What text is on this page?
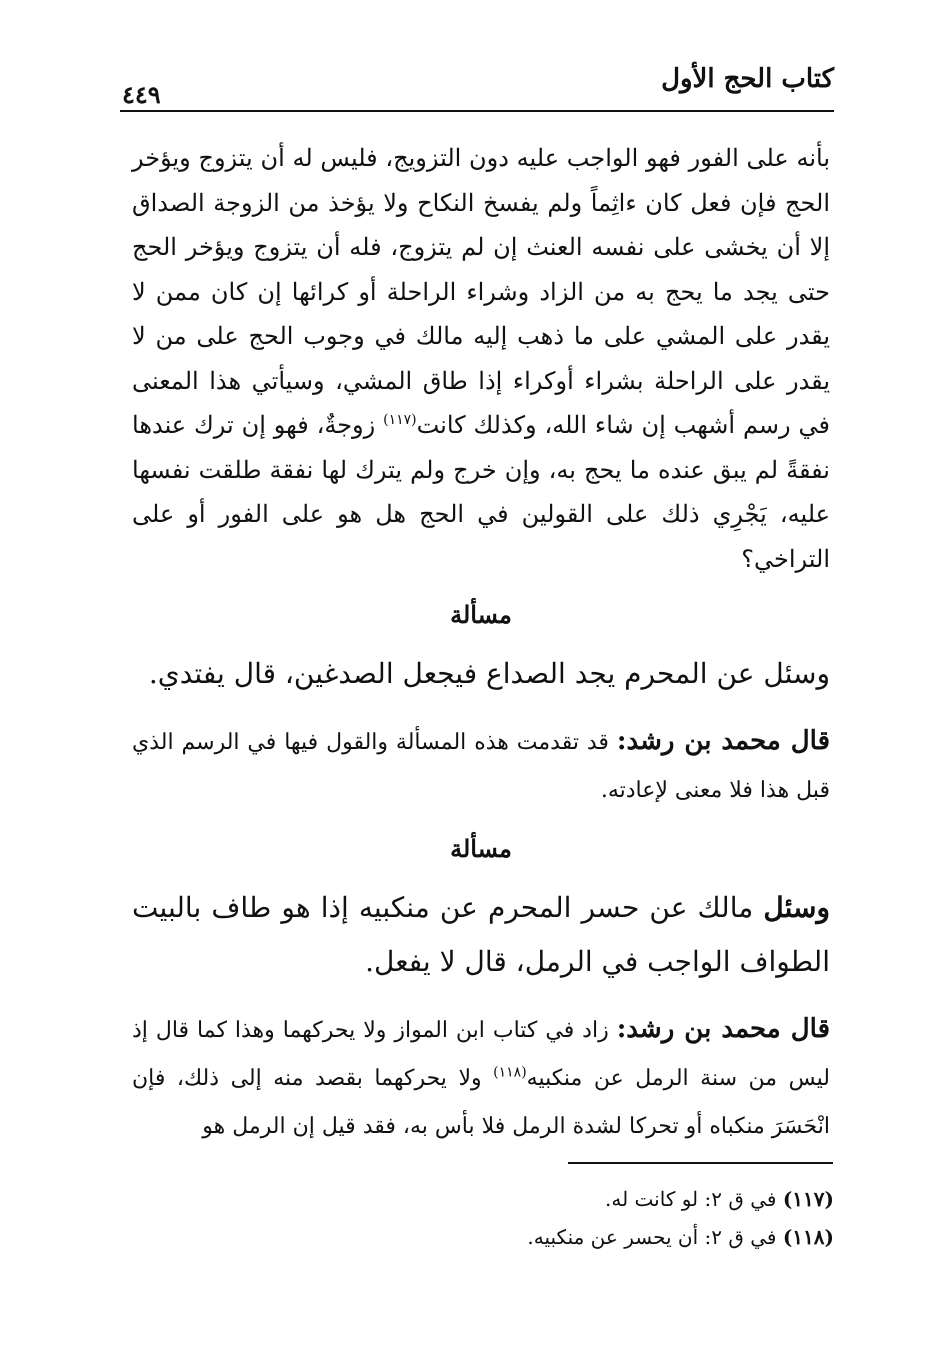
كتاب الحج الأول
٤٤٩

بأنه على الفور فهو الواجب عليه دون التزويج، فليس له أن يتزوج ويؤخر الحج فإن فعل كان ءاثِماً ولم يفسخ النكاح ولا يؤخذ من الزوجة الصداق إلا أن يخشى على نفسه العنث إن لم يتزوج، فله أن يتزوج ويؤخر الحج حتى يجد ما يحج به من الزاد وشراء الراحلة أو كرائها إن كان ممن لا يقدر على المشي على ما ذهب إليه مالك في وجوب الحج على من لا يقدر على الراحلة بشراء أوكراء إذا طاق المشي، وسيأتي هذا المعنى في رسم أشهب إن شاء الله، وكذلك كانت$^{(١١٧)}$ زوجةٌ، فهو إن ترك عندها نفقةً لم يبق عنده ما يحج به، وإن خرج ولم يترك لها نفقة طلقت نفسها عليه، يَجْرِي ذلك على القولين في الحج هل هو على الفور أو على التراخي؟

مسألة

وسئل عن المحرم يجد الصداع فيجعل الصدغين، قال يفتدي.

قال محمد بن رشد: قد تقدمت هذه المسألة والقول فيها في الرسم الذي قبل هذا فلا معنى لإعادته.

مسألة

وسئل مالك عن حسر المحرم عن منكبيه إذا هو طاف بالبيت الطواف الواجب في الرمل، قال لا يفعل.

قال محمد بن رشد: زاد في كتاب ابن المواز ولا يحركهما وهذا كما قال إذ ليس من سنة الرمل عن منكبيه$^{(١١٨)}$ ولا يحركهما بقصد منه إلى ذلك، فإن انْحَسَرَ منكباه أو تحركا لشدة الرمل فلا بأس به، فقد قيل إن الرمل هو

(١١٧) في ق ٢: لو كانت له.
(١١٨) في ق ٢: أن يحسر عن منكبيه.
